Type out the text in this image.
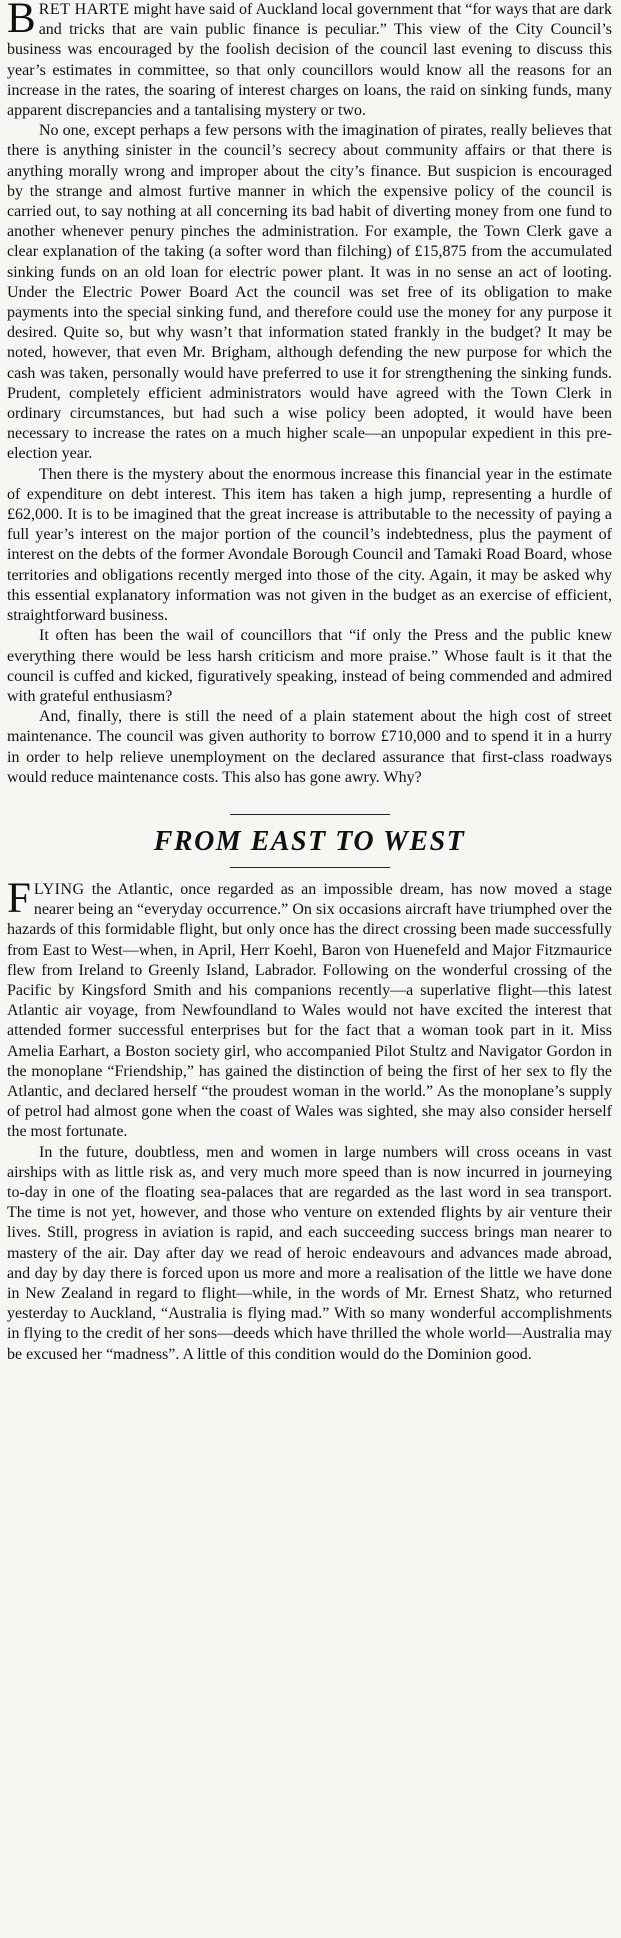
BRET HARTE might have said of Auckland local government that “for ways that are dark and tricks that are vain public finance is peculiar.” This view of the City Council’s business was encouraged by the foolish decision of the council last evening to discuss this year’s estimates in committee, so that only councillors would know all the reasons for an increase in the rates, the soaring of interest charges on loans, the raid on sinking funds, many apparent discrepancies and a tantalising mystery or two.

No one, except perhaps a few persons with the imagination of pirates, really believes that there is anything sinister in the council’s secrecy about community affairs or that there is anything morally wrong and improper about the city’s finance. But suspicion is encouraged by the strange and almost furtive manner in which the expensive policy of the council is carried out, to say nothing at all concerning its bad habit of diverting money from one fund to another whenever penury pinches the administration. For example, the Town Clerk gave a clear explanation of the taking (a softer word than filching) of £15,875 from the accumulated sinking funds on an old loan for electric power plant. It was in no sense an act of looting. Under the Electric Power Board Act the council was set free of its obligation to make payments into the special sinking fund, and therefore could use the money for any purpose it desired. Quite so, but why wasn’t that information stated frankly in the budget? It may be noted, however, that even Mr. Brigham, although defending the new purpose for which the cash was taken, personally would have preferred to use it for strengthening the sinking funds. Prudent, completely efficient administrators would have agreed with the Town Clerk in ordinary circumstances, but had such a wise policy been adopted, it would have been necessary to increase the rates on a much higher scale—an unpopular expedient in this pre-election year.

Then there is the mystery about the enormous increase this financial year in the estimate of expenditure on debt interest. This item has taken a high jump, representing a hurdle of £62,000. It is to be imagined that the great increase is attributable to the necessity of paying a full year’s interest on the major portion of the council’s indebtedness, plus the payment of interest on the debts of the former Avondale Borough Council and Tamaki Road Board, whose territories and obligations recently merged into those of the city. Again, it may be asked why this essential explanatory information was not given in the budget as an exercise of efficient, straightforward business.

It often has been the wail of councillors that “if only the Press and the public knew everything there would be less harsh criticism and more praise.” Whose fault is it that the council is cuffed and kicked, figuratively speaking, instead of being commended and admired with grateful enthusiasm?

And, finally, there is still the need of a plain statement about the high cost of street maintenance. The council was given authority to borrow £710,000 and to spend it in a hurry in order to help relieve unemployment on the declared assurance that first-class roadways would reduce maintenance costs. This also has gone awry. Why?

FROM EAST TO WEST

FLYING the Atlantic, once regarded as an impossible dream, has now moved a stage nearer being an “everyday occurrence.” On six occasions aircraft have triumphed over the hazards of this formidable flight, but only once has the direct crossing been made successfully from East to West—when, in April, Herr Koehl, Baron von Huenefeld and Major Fitzmaurice flew from Ireland to Greenly Island, Labrador. Following on the wonderful crossing of the Pacific by Kingsford Smith and his companions recently—a superlative flight—this latest Atlantic air voyage, from Newfoundland to Wales would not have excited the interest that attended former successful enterprises but for the fact that a woman took part in it. Miss Amelia Earhart, a Boston society girl, who accompanied Pilot Stultz and Navigator Gordon in the monoplane “Friendship,” has gained the distinction of being the first of her sex to fly the Atlantic, and declared herself “the proudest woman in the world.” As the monoplane’s supply of petrol had almost gone when the coast of Wales was sighted, she may also consider herself the most fortunate.

In the future, doubtless, men and women in large numbers will cross oceans in vast airships with as little risk as, and very much more speed than is now incurred in journeying to-day in one of the floating sea-palaces that are regarded as the last word in sea transport. The time is not yet, however, and those who venture on extended flights by air venture their lives. Still, progress in aviation is rapid, and each succeeding success brings man nearer to mastery of the air. Day after day we read of heroic endeavours and advances made abroad, and day by day there is forced upon us more and more a realisation of the little we have done in New Zealand in regard to flight—while, in the words of Mr. Ernest Shatz, who returned yesterday to Auckland, “Australia is flying mad.” With so many wonderful accomplishments in flying to the credit of her sons—deeds which have thrilled the whole world—Australia may be excused her “madness”. A little of this condition would do the Dominion good.
